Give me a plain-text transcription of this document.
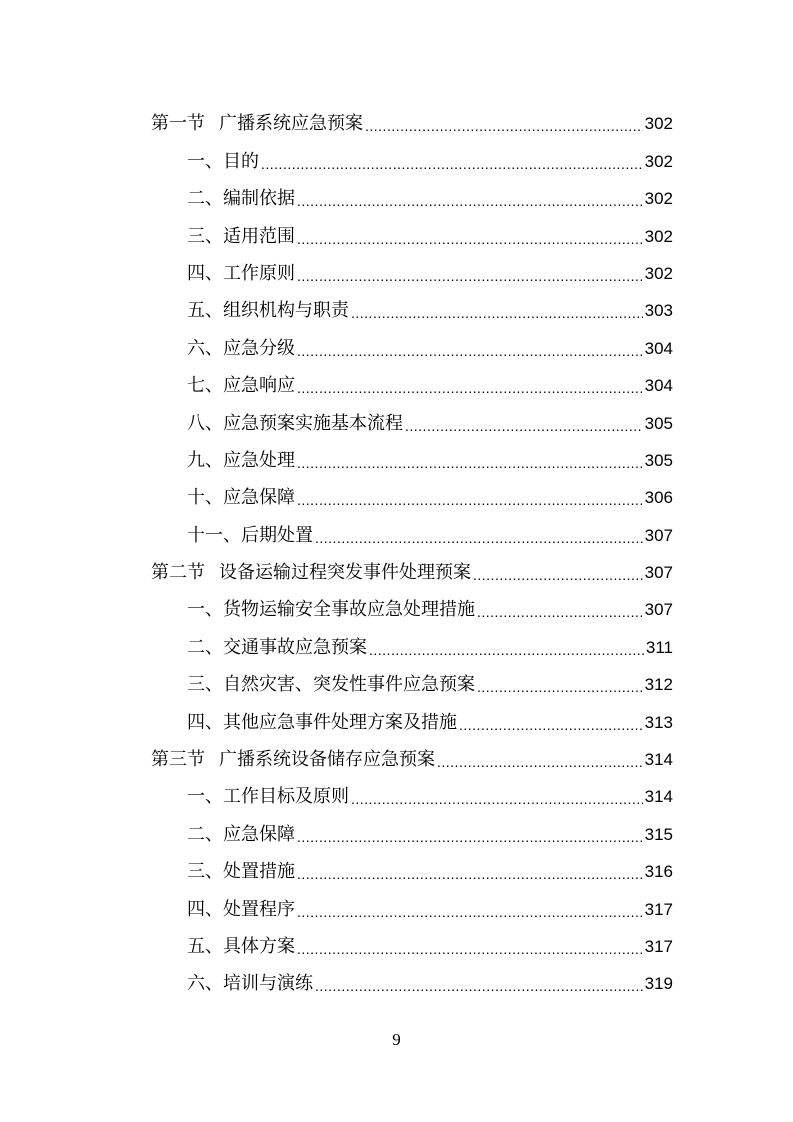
第一节 广播系统应急预案 .....	302
一、 目的 .....	302
二、 编制依据 .....	302
三、 适用范围 .....	302
四、 工作原则 .....	302
五、 组织机构与职责 .....	303
六、 应急分级 .....	304
七、 应急响应 .....	304
八、 应急预案实施基本流程 .....	305
九、 应急处理 .....	305
十、 应急保障 .....	306
十一、 后期处置 .....	307
第二节 设备运输过程突发事件处理预案 .....	307
一、 货物运输安全事故应急处理措施 .....	307
二、 交通事故应急预案 .....	311
三、 自然灾害、突发性事件应急预案 .....	312
四、 其他应急事件处理方案及措施 .....	313
第三节 广播系统设备储存应急预案 .....	314
一、 工作目标及原则 .....	314
二、 应急保障 .....	315
三、 处置措施 .....	316
四、 处置程序 .....	317
五、 具体方案 .....	317
六、 培训与演练 .....	319
9
